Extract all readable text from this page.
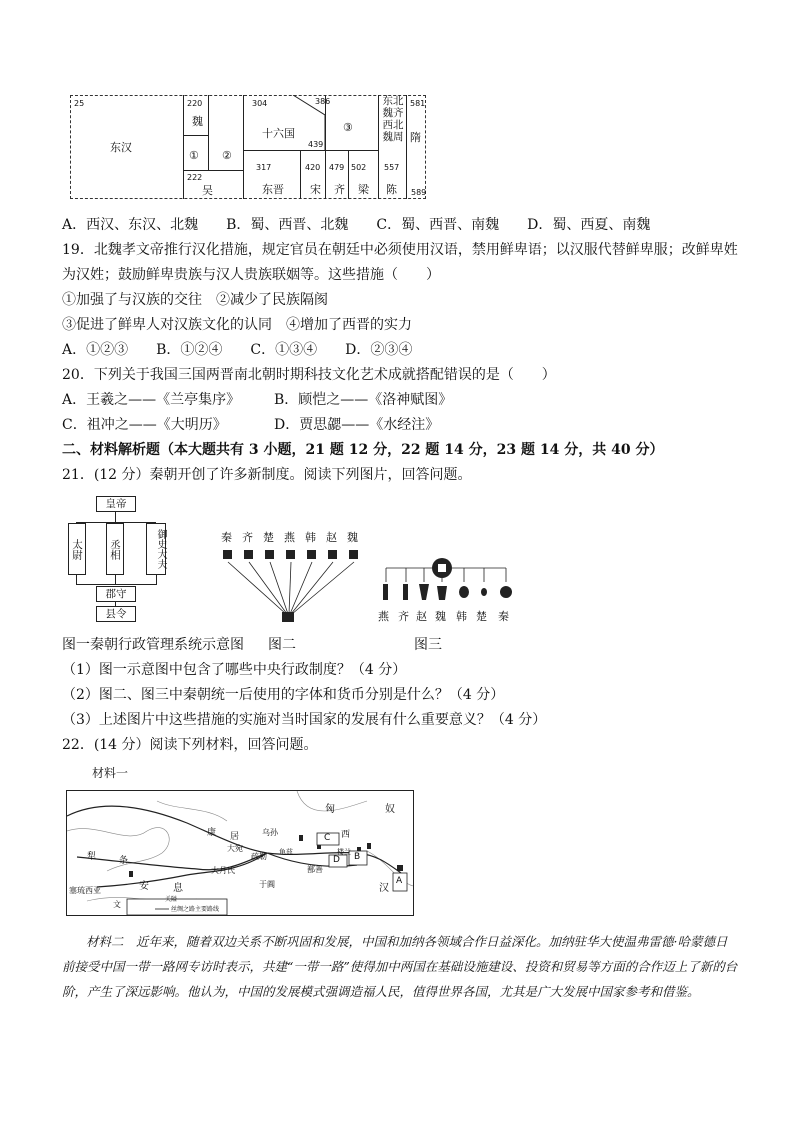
25
东汉
220
魏
① ②
222
吴
304	386
十六国
439
③
317
东晋
420
宋
479
齐
502
梁
557
陈
东北
魏齐
西北
魏周
581
隋
589
A．西汉、东汉、北魏　　B．蜀、西晋、北魏　　C．蜀、西晋、南魏　　D．蜀、西夏、南魏
19．北魏孝文帝推行汉化措施，规定官员在朝廷中必须使用汉语，禁用鲜卑语；以汉服代替鲜卑服；改鲜卑姓
为汉姓；鼓励鲜卑贵族与汉人贵族联姻等。这些措施（　　）
①加强了与汉族的交往　②减少了民族隔阂
③促进了鲜卑人对汉族文化的认同　④增加了西晋的实力
A．①②③　　B．①②④　　C．①③④　　D．②③④
20．下列关于我国三国两晋南北朝时期科技文化艺术成就搭配错误的是（　　）
A．王羲之——《兰亭集序》 B．顾恺之——《洛神赋图》
C．祖冲之——《大明历》	D．贾思勰——《水经注》
二、材料解析题（本大题共有 3 小题，21 题 12 分，22 题 14 分，23 题 14 分，共 40 分）
21．(12 分）秦朝开创了许多新制度。阅读下列图片，回答问题。
皇帝
太尉 丞相	御史大夫
郡守
县令
秦 齐 楚 燕 韩 赵 魏
燕 齐 赵 魏 韩 楚 秦
图一秦朝行政管理系统示意图 图二	图三
（1）图一示意图中包含了哪些中央行政制度？（4 分）
（2）图二、图三中秦朝统一后使用的字体和货币分别是什么？（4 分）
（3）上述图片中这些措施的实施对当时国家的发展有什么重要意义？（4 分）
22．(14 分）阅读下列材料，回答问题。
材料一
匈	奴
康 居	乌孙
大宛
西
C
D B
A
楼兰
龟兹
疏勒
鄯善
大月氏
于阗
犁	条
安 息	汉
塞琉西亚
文
关隘
丝绸之路主要路线
材料二　近年来，随着双边关系不断巩固和发展，中国和加纳各领域合作日益深化。加纳驻华大使温弗雷德·哈蒙德日前接受中国一带一路网专访时表示，共建“一带一路”使得加中两国在基础设施建设、投资和贸易等方面的合作迈上了新的台阶，产生了深远影响。他认为，中国的发展模式强调造福人民，值得世界各国，尤其是广大发展中国家参考和借鉴。
